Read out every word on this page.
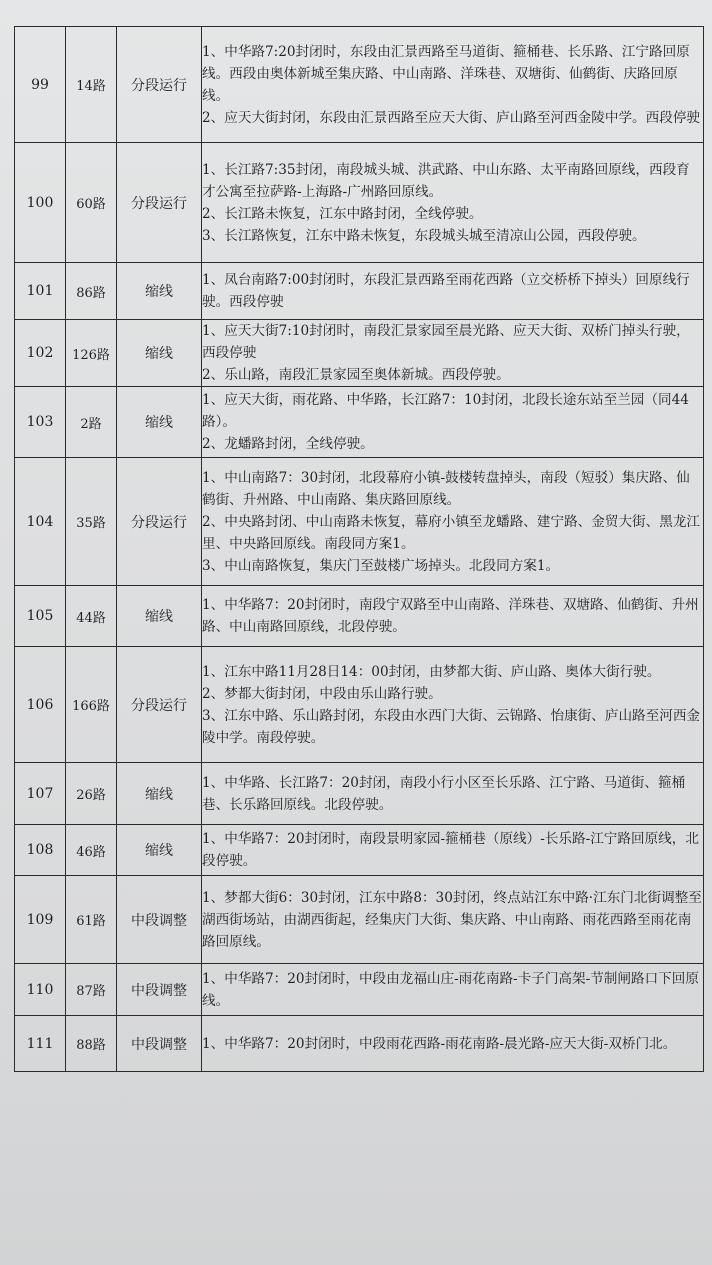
99	14路	分段运行	1、中华路7:20封闭时，东段由汇景西路至马道街、箍桶巷、长乐路、江宁路回原线。西段由奥体新城至集庆路、中山南路、洋珠巷、双塘街、仙鹤街、庆路回原线。
2、应天大街封闭，东段由汇景西路至应天大街、庐山路至河西金陵中学。西段停驶

100	60路	分段运行	1、长江路7:35封闭，南段城头城、洪武路、中山东路、太平南路回原线，西段育才公寓至拉萨路-上海路-广州路回原线。
2、长江路未恢复，江东中路封闭，全线停驶。
3、长江路恢复，江东中路未恢复，东段城头城至清凉山公园，西段停驶。

101	86路	缩线	1、凤台南路7:00封闭时，东段汇景西路至雨花西路（立交桥桥下掉头）回原线行驶。西段停驶

102	126路	缩线	1、应天大街7:10封闭时，南段汇景家园至晨光路、应天大街、双桥门掉头行驶，西段停驶
2、乐山路，南段汇景家园至奥体新城。西段停驶。

103	2路	缩线	1、应天大街，雨花路、中华路，长江路7：10封闭，北段长途东站至兰园（同44路）。
2、龙蟠路封闭，全线停驶。

104	35路	分段运行	1、中山南路7：30封闭，北段幕府小镇-鼓楼转盘掉头，南段（短驳）集庆路、仙鹤街、升州路、中山南路、集庆路回原线。
2、中央路封闭、中山南路未恢复，幕府小镇至龙蟠路、建宁路、金贸大街、黑龙江里、中央路回原线。南段同方案1。
3、中山南路恢复，集庆门至鼓楼广场掉头。北段同方案1。

105	44路	缩线	1、中华路7：20封闭时，南段宁双路至中山南路、洋珠巷、双塘路、仙鹤街、升州路、中山南路回原线，北段停驶。

106	166路	分段运行	1、江东中路11月28日14：00封闭，由梦都大街、庐山路、奥体大街行驶。
2、梦都大街封闭，中段由乐山路行驶。
3、江东中路、乐山路封闭，东段由水西门大街、云锦路、怡康街、庐山路至河西金陵中学。南段停驶。

107	26路	缩线	1、中华路、长江路7：20封闭，南段小行小区至长乐路、江宁路、马道街、箍桶巷、长乐路回原线。北段停驶。

108	46路	缩线	1、中华路7：20封闭时，南段景明家园-箍桶巷（原线）-长乐路-江宁路回原线，北段停驶。

109	61路	中段调整	1、梦都大街6：30封闭，江东中路8：30封闭，终点站江东中路·江东门北街调整至湖西街场站，由湖西街起，经集庆门大街、集庆路、中山南路、雨花西路至雨花南路回原线。

110	87路	中段调整	1、中华路7：20封闭时，中段由龙福山庄-雨花南路-卡子门高架-节制闸路口下回原线。

111	88路	中段调整	1、中华路7：20封闭时，中段雨花西路-雨花南路-晨光路-应天大街-双桥门北。
